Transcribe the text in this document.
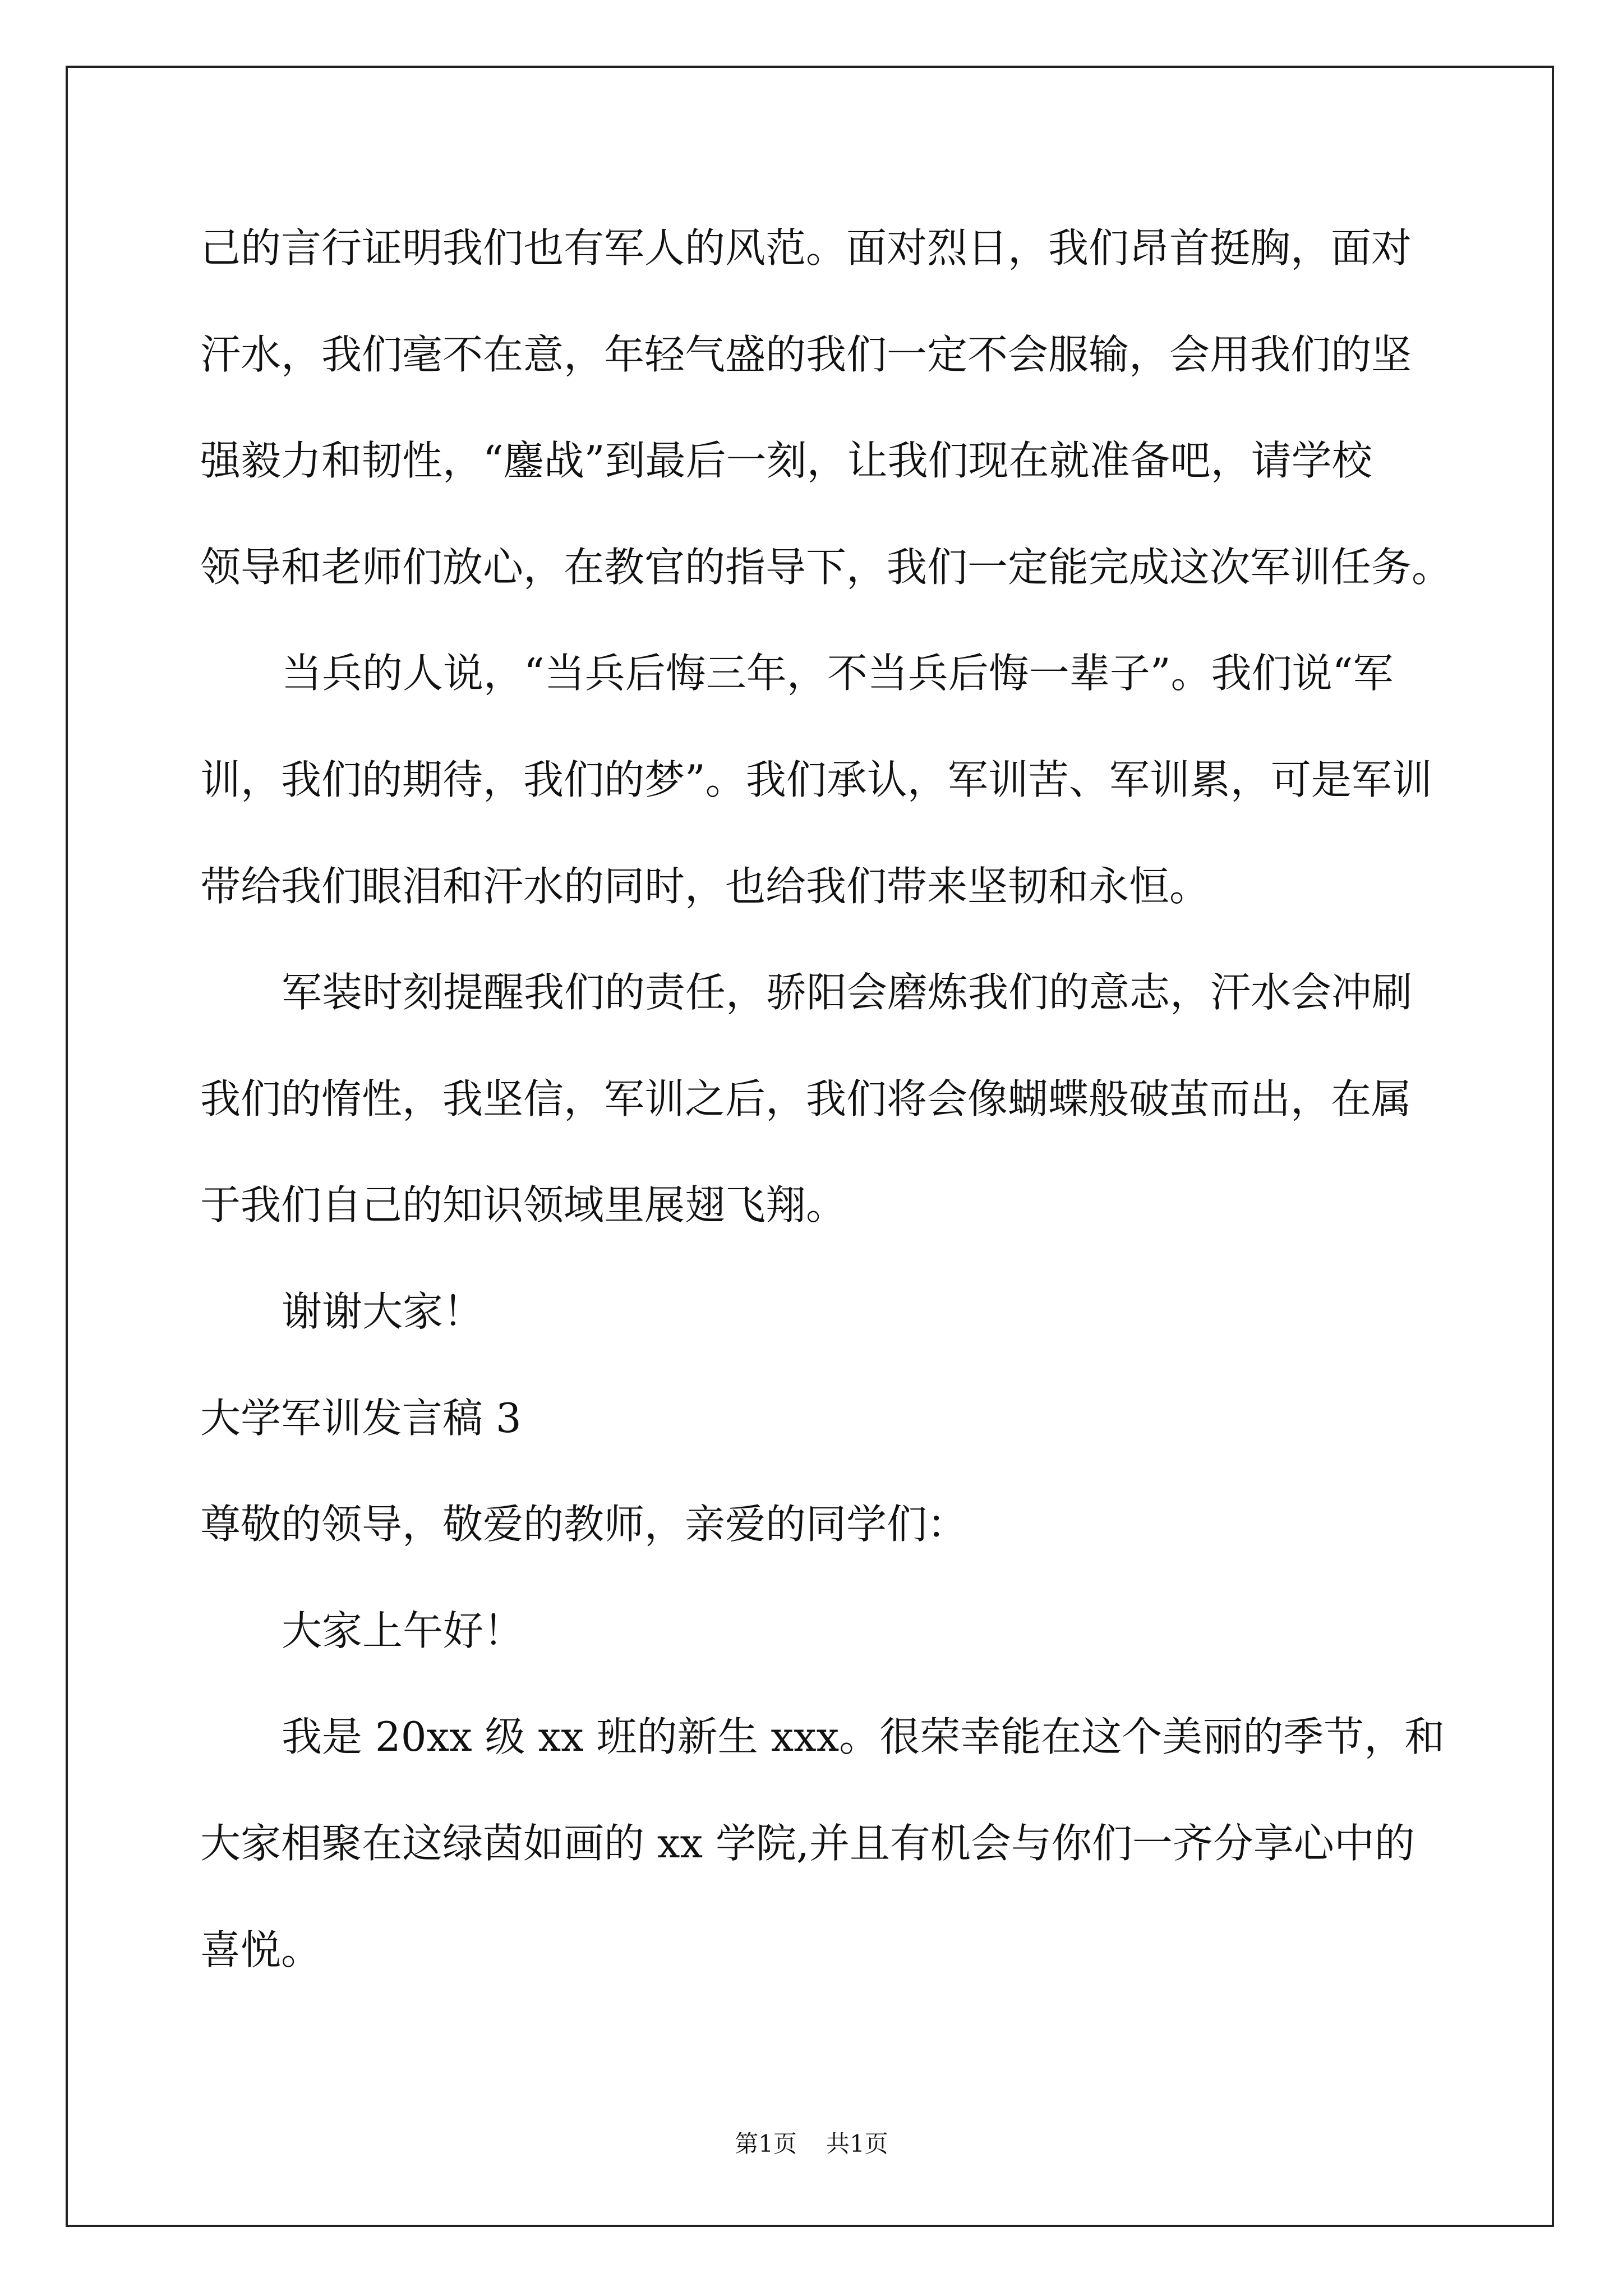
己的言行证明我们也有军人的风范。面对烈日，我们昂首挺胸，面对
汗水，我们毫不在意，年轻气盛的我们一定不会服输，会用我们的坚
强毅力和韧性，“鏖战”到最后一刻，让我们现在就准备吧，请学校
领导和老师们放心，在教官的指导下，我们一定能完成这次军训任务。
当兵的人说，“当兵后悔三年，不当兵后悔一辈子”。我们说“军
训，我们的期待，我们的梦”。我们承认，军训苦、军训累，可是军训
带给我们眼泪和汗水的同时，也给我们带来坚韧和永恒。
军装时刻提醒我们的责任，骄阳会磨炼我们的意志，汗水会冲刷
我们的惰性，我坚信，军训之后，我们将会像蝴蝶般破茧而出，在属
于我们自己的知识领域里展翅飞翔。
谢谢大家！
大学军训发言稿 3
尊敬的领导，敬爱的教师，亲爱的同学们：
大家上午好！
我是 20xx 级 xx 班的新生 xxx。很荣幸能在这个美丽的季节，和
大家相聚在这绿茵如画的 xx 学院,并且有机会与你们一齐分享心中的
喜悦。
第1页 共1页
